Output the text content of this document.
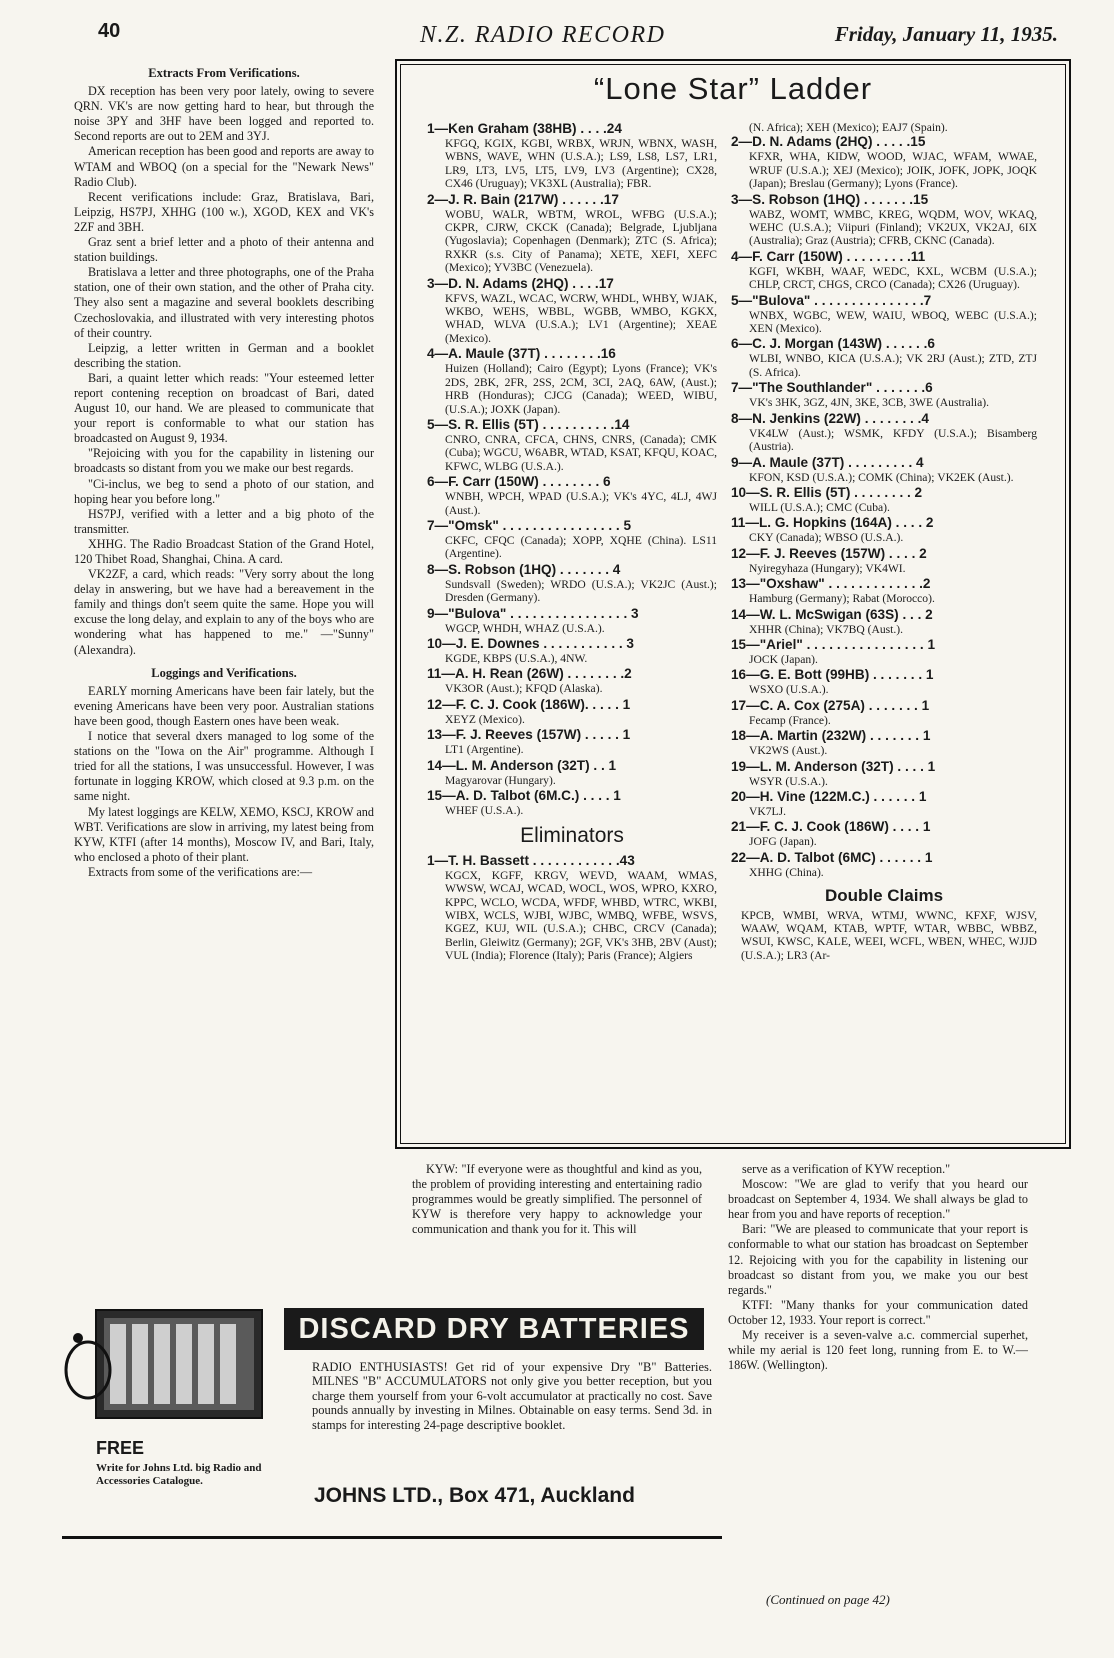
40	N.Z. RADIO RECORD	Friday, January 11, 1935.
Extracts From Verifications.

DX reception has been very poor lately, owing to severe QRN. VK's are now getting hard to hear, but through the noise 3PY and 3HF have been logged and reported to. Second reports are out to 2EM and 3YJ.

American reception has been good and reports are away to WTAM and WBOQ (on a special for the "Newark News" Radio Club).

Recent verifications include: Graz, Bratislava, Bari, Leipzig, HS7PJ, XHHG (100 w.), XGOD, KEX and VK's 2ZF and 3BH.

Graz sent a brief letter and a photo of their antenna and station buildings.

Bratislava a letter and three photographs, one of the Praha station, one of their own station, and the other of Praha city. They also sent a magazine and several booklets describing Czechoslovakia, and illustrated with very interesting photos of their country.

Leipzig, a letter written in German and a booklet describing the station.

Bari, a quaint letter which reads: "Your esteemed letter report contening reception on broadcast of Bari, dated August 10, our hand. We are pleased to communicate that your report is conformable to what our station has broadcasted on August 9, 1934.

"Rejoicing with you for the capability in listening our broadcasts so distant from you we make our best regards.

"Ci-inclus, we beg to send a photo of our station, and hoping hear you before long."

HS7PJ, verified with a letter and a big photo of the transmitter.

XHHG. The Radio Broadcast Station of the Grand Hotel, 120 Thibet Road, Shanghai, China. A card.

VK2ZF, a card, which reads: "Very sorry about the long delay in answering, but we have had a bereavement in the family and things don't seem quite the same. Hope you will excuse the long delay, and explain to any of the boys who are wondering what has happened to me." —"Sunny" (Alexandra).

Loggings and Verifications.

EARLY morning Americans have been fair lately, but the evening Americans have been very poor. Australian stations have been good, though Eastern ones have been weak.

I notice that several dxers managed to log some of the stations on the "Iowa on the Air" programme. Although I tried for all the stations, I was unsuccessful. However, I was fortunate in logging KROW, which closed at 9.3 p.m. on the same night.

My latest loggings are KELW, XEMO, KSCJ, KROW and WBT. Verifications are slow in arriving, my latest being from KYW, KTFI (after 14 months), Moscow IV, and Bari, Italy, who enclosed a photo of their plant.

Extracts from some of the verifications are:—

“Lone Star” Ladder
1—Ken Graham (38HB) . . . .24
KFGQ, KGIX, KGBI, WRBX, WRJN, WBNX, WASH, WBNS, WAVE, WHN (U.S.A.); LS9, LS8, LS7, LR1, LR9, LT3, LV5, LT5, LV9, LV3 (Argentine); CX28, CX46 (Uruguay); VK3XL (Australia); FBR.
2—J. R. Bain (217W) . . . . . .17
WOBU, WALR, WBTM, WROL, WFBG (U.S.A.); CKPR, CJRW, CKCK (Canada); Belgrade, Ljubljana (Yugoslavia); Copenhagen (Denmark); ZTC (S. Africa); RXKR (s.s. City of Panama); XETE, XEFI, XEFC (Mexico); YV3BC (Venezuela).
3—D. N. Adams (2HQ) . . . .17
KFVS, WAZL, WCAC, WCRW, WHDL, WHBY, WJAK, WKBO, WEHS, WBBL, WGBB, WMBO, KGKX, WHAD, WLVA (U.S.A.); LV1 (Argentine); XEAE (Mexico).
4—A. Maule (37T) . . . . . . . .16
Huizen (Holland); Cairo (Egypt); Lyons (France); VK's 2DS, 2BK, 2FR, 2SS, 2CM, 3CI, 2AQ, 6AW, (Aust.); HRB (Honduras); CJCG (Canada); WEED, WIBU, (U.S.A.); JOXK (Japan).
5—S. R. Ellis (5T) . . . . . . . . . .14
CNRO, CNRA, CFCA, CHNS, CNRS, (Canada); CMK (Cuba); WGCU, W6ABR, WTAD, KSAT, KFQU, KOAC, KFWC, WLBG (U.S.A.).
6—F. Carr (150W) . . . . . . . . 6
WNBH, WPCH, WPAD (U.S.A.); VK's 4YC, 4LJ, 4WJ (Aust.).
7—"Omsk" . . . . . . . . . . . . . . . . 5
CKFC, CFQC (Canada); XOPP, XQHE (China). LS11 (Argentine).
8—S. Robson (1HQ) . . . . . . . 4
Sundsvall (Sweden); WRDO (U.S.A.); VK2JC (Aust.); Dresden (Germany).
9—"Bulova" . . . . . . . . . . . . . . . . 3
WGCP, WHDH, WHAZ (U.S.A.).
10—J. E. Downes . . . . . . . . . . . 3
KGDE, KBPS (U.S.A.), 4NW.
11—A. H. Rean (26W) . . . . . . . .2
VK3OR (Aust.); KFQD (Alaska).
12—F. C. J. Cook (186W). . . . . 1
XEYZ (Mexico).
13—F. J. Reeves (157W) . . . . . 1
LT1 (Argentine).
14—L. M. Anderson (32T) . . 1
Magyarovar (Hungary).
15—A. D. Talbot (6M.C.) . . . . 1
WHEF (U.S.A.).
Eliminators
1—T. H. Bassett . . . . . . . . . . . .43
KGCX, KGFF, KRGV, WEVD, WAAM, WMAS, WWSW, WCAJ, WCAD, WOCL, WOS, WPRO, KXRO, KPPC, WCLO, WCDA, WFDF, WHBD, WTRC, WKBI, WIBX, WCLS, WJBI, WJBC, WMBQ, WFBE, WSVS, KGEZ, KUJ, WIL (U.S.A.); CHBC, CRCV (Canada); Berlin, Gleiwitz (Germany); 2GF, VK's 3HB, 2BV (Aust); VUL (India); Florence (Italy); Paris (France); Algiers
(N. Africa); XEH (Mexico); EAJ7 (Spain).
2—D. N. Adams (2HQ) . . . . .15
KFXR, WHA, KIDW, WOOD, WJAC, WFAM, WWAE, WRUF (U.S.A.); XEJ (Mexico); JOIK, JOFK, JOPK, JOQK (Japan); Breslau (Germany); Lyons (France).
3—S. Robson (1HQ) . . . . . . .15
WABZ, WOMT, WMBC, KREG, WQDM, WOV, WKAQ, WEHC (U.S.A.); Viipuri (Finland); VK2UX, VK2AJ, 6IX (Australia); Graz (Austria); CFRB, CKNC (Canada).
4—F. Carr (150W) . . . . . . . . .11
KGFI, WKBH, WAAF, WEDC, KXL, WCBM (U.S.A.); CHLP, CRCT, CHGS, CRCO (Canada); CX26 (Uruguay).
5—"Bulova" . . . . . . . . . . . . . . .7
WNBX, WGBC, WEW, WAIU, WBOQ, WEBC (U.S.A.); XEN (Mexico).
6—C. J. Morgan (143W) . . . . . .6
WLBI, WNBO, KICA (U.S.A.); VK 2RJ (Aust.); ZTD, ZTJ (S. Africa).
7—"The Southlander" . . . . . . .6
VK's 3HK, 3GZ, 4JN, 3KE, 3CB, 3WE (Australia).
8—N. Jenkins (22W) . . . . . . . .4
VK4LW (Aust.); WSMK, KFDY (U.S.A.); Bisamberg (Austria).
9—A. Maule (37T) . . . . . . . . . 4
KFON, KSD (U.S.A.); COMK (China); VK2EK (Aust.).
10—S. R. Ellis (5T) . . . . . . . . 2
WILL (U.S.A.); CMC (Cuba).
11—L. G. Hopkins (164A) . . . . 2
CKY (Canada); WBSO (U.S.A.).
12—F. J. Reeves (157W) . . . . 2
Nyiregyhaza (Hungary); VK4WI.
13—"Oxshaw" . . . . . . . . . . . . .2
Hamburg (Germany); Rabat (Morocco).
14—W. L. McSwigan (63S) . . . 2
XHHR (China); VK7BQ (Aust.).
15—"Ariel" . . . . . . . . . . . . . . . . 1
JOCK (Japan).
16—G. E. Bott (99HB) . . . . . . . 1
WSXO (U.S.A.).
17—C. A. Cox (275A) . . . . . . . 1
Fecamp (France).
18—A. Martin (232W) . . . . . . . 1
VK2WS (Aust.).
19—L. M. Anderson (32T) . . . . 1
WSYR (U.S.A.).
20—H. Vine (122M.C.) . . . . . . 1
VK7LJ.
21—F. C. J. Cook (186W) . . . . 1
JOFG (Japan).
22—A. D. Talbot (6MC) . . . . . . 1
XHHG (China).
Double Claims
KPCB, WMBI, WRVA, WTMJ, WWNC, KFXF, WJSV, WAAW, WQAM, KTAB, WPTF, WTAR, WBBC, WBBZ, WSUI, KWSC, KALE, WEEI, WCFL, WBEN, WHEC, WJJD (U.S.A.); LR3 (Ar-

KYW: "If everyone were as thoughtful and kind as you, the problem of providing interesting and entertaining radio programmes would be greatly simplified. The personnel of KYW is therefore very happy to acknowledge your communication and thank you for it. This will

serve as a verification of KYW reception."

Moscow: "We are glad to verify that you heard our broadcast on September 4, 1934. We shall always be glad to hear from you and have reports of reception."

Bari: "We are pleased to communicate that your report is conformable to what our station has broadcast on September 12. Rejoicing with you for the capability in listening our broadcast so distant from you, we make you our best regards."

KTFI: "Many thanks for your communication dated October 12, 1933. Your report is correct."

My receiver is a seven-valve a.c. commercial superhet, while my aerial is 120 feet long, running from E. to W.—186W. (Wellington).

(Continued on page 42)
DISCARD DRY BATTERIES
RADIO ENTHUSIASTS! Get rid of your expensive Dry "B" Batteries. MILNES "B" ACCUMULATORS not only give you better reception, but you charge them yourself from your 6-volt accumulator at practically no cost. Save pounds annually by investing in Milnes. Obtainable on easy terms. Send 3d. in stamps for interesting 24-page descriptive booklet.
FREE
Write for Johns Ltd. big Radio and Accessories Catalogue.
JOHNS LTD., Box 471, Auckland
